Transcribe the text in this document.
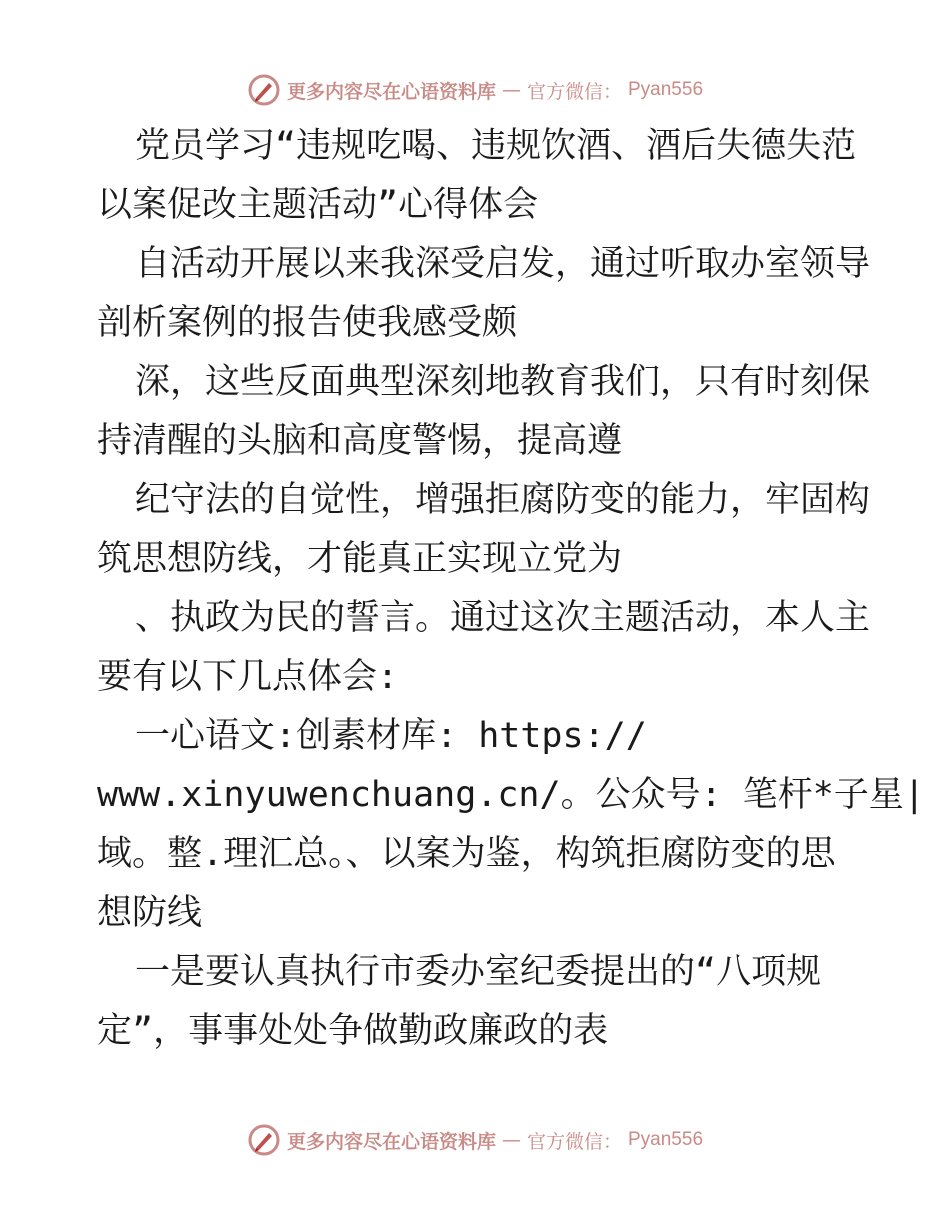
更多内容尽在心语资料库 — 官方微信： Pyan556
党员学习“违规吃喝、违规饮酒、酒后失德失范
以案促改主题活动”心得体会
自活动开展以来我深受启发，通过听取办室领导
剖析案例的报告使我感受颇
深，这些反面典型深刻地教育我们，只有时刻保
持清醒的头脑和高度警惕，提高遵
纪守法的自觉性，增强拒腐防变的能力，牢固构
筑思想防线，才能真正实现立党为
、执政为民的誓言。通过这次主题活动，本人主
要有以下几点体会:
一心语文:创素材库: https://
www.xinyuwenchuang.cn/。公众号: 笔杆*子星|
域。整.理汇总。、以案为鉴，构筑拒腐防变的思
想防线
一是要认真执行市委办室纪委提出的“八项规
定”，事事处处争做勤政廉政的表
更多内容尽在心语资料库 — 官方微信： Pyan556
